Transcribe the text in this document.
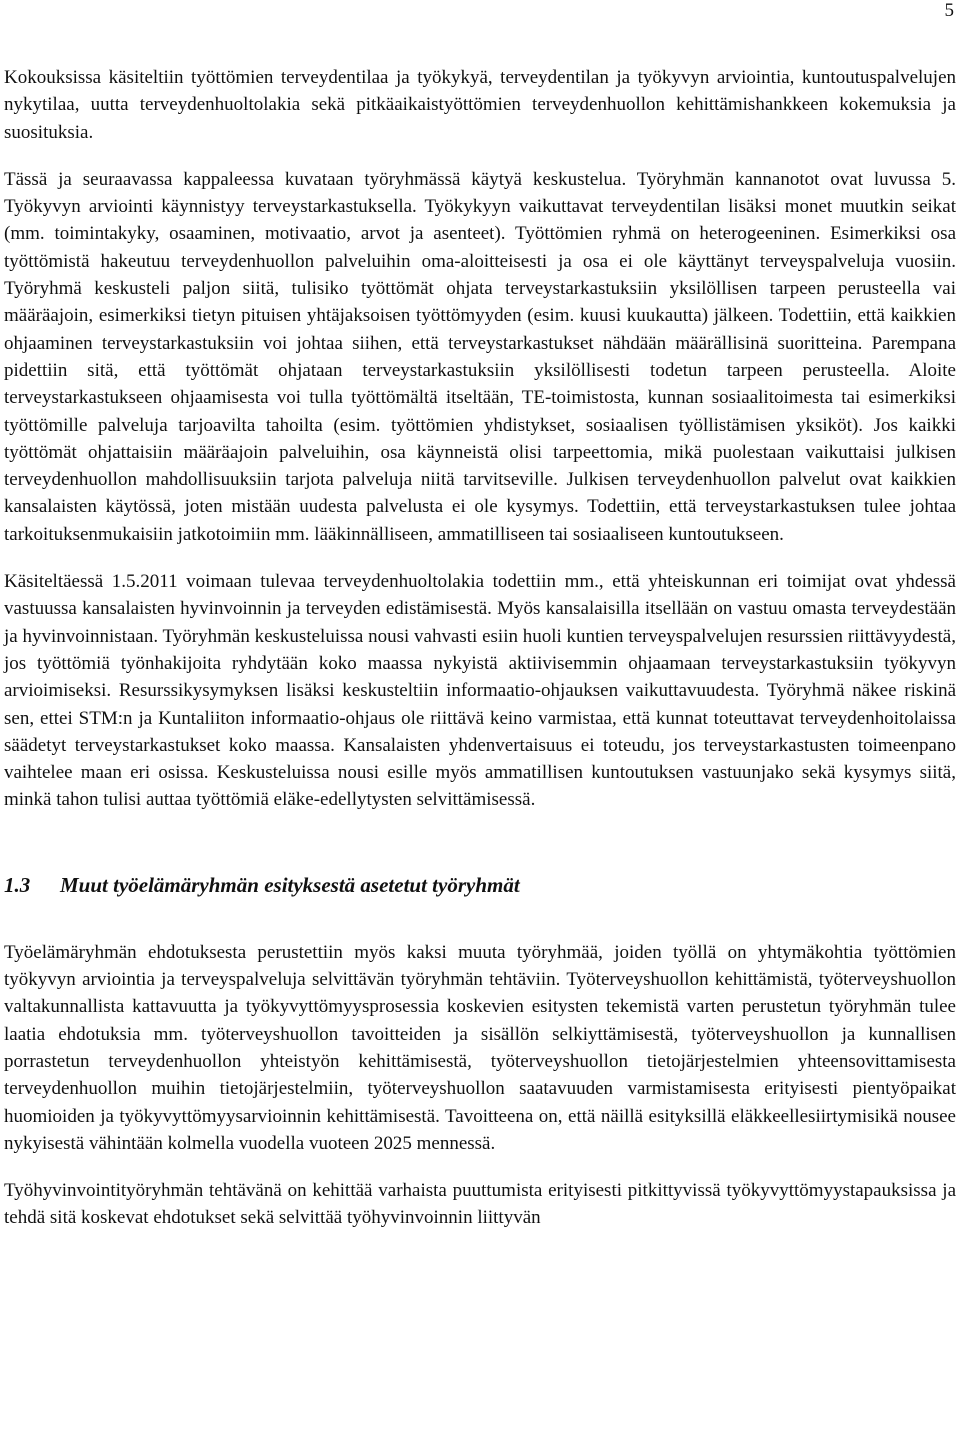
5

Kokouksissa käsiteltiin työttömien terveydentilaa ja työkykyä, terveydentilan ja työkyvyn arviointia, kuntoutuspalvelujen nykytilaa, uutta terveydenhuoltolakia sekä pitkäaikaistyöttömien terveydenhuollon kehittämishankkeen kokemuksia ja suosituksia.

Tässä ja seuraavassa kappaleessa kuvataan työryhmässä käytyä keskustelua. Työryhmän kannanotot ovat luvussa 5. Työkyvyn arviointi käynnistyy terveystarkastuksella. Työkykyyn vaikuttavat terveydentilan lisäksi monet muutkin seikat (mm. toimintakyky, osaaminen, motivaatio, arvot ja asenteet). Työttömien ryhmä on heterogeeninen. Esimerkiksi osa työttömistä hakeutuu terveydenhuollon palveluihin oma-aloitteisesti ja osa ei ole käyttänyt terveyspalveluja vuosiin. Työryhmä keskusteli paljon siitä, tulisiko työttömät ohjata terveystarkastuksiin yksilöllisen tarpeen perusteella vai määräajoin, esimerkiksi tietyn pituisen yhtäjaksoisen työttömyyden (esim. kuusi kuukautta) jälkeen. Todettiin, että kaikkien ohjaaminen terveystarkastuksiin voi johtaa siihen, että terveystarkastukset nähdään määrällisinä suoritteina. Parempana pidettiin sitä, että työttömät ohjataan terveystarkastuksiin yksilöllisesti todetun tarpeen perusteella. Aloite terveystarkastukseen ohjaamisesta voi tulla työttömältä itseltään, TE-toimistosta, kunnan sosiaalitoimesta tai esimerkiksi työttömille palveluja tarjoavilta tahoilta (esim. työttömien yhdistykset, sosiaalisen työllistämisen yksiköt). Jos kaikki työttömät ohjattaisiin määräajoin palveluihin, osa käynneistä olisi tarpeettomia, mikä puolestaan vaikuttaisi julkisen terveydenhuollon mahdollisuuksiin tarjota palveluja niitä tarvitseville. Julkisen terveydenhuollon palvelut ovat kaikkien kansalaisten käytössä, joten mistään uudesta palvelusta ei ole kysymys. Todettiin, että terveystarkastuksen tulee johtaa tarkoituksenmukaisiin jatkotoimiin mm. lääkinnälliseen, ammatilliseen tai sosiaaliseen kuntoutukseen.

Käsiteltäessä 1.5.2011 voimaan tulevaa terveydenhuoltolakia todettiin mm., että yhteiskunnan eri toimijat ovat yhdessä vastuussa kansalaisten hyvinvoinnin ja terveyden edistämisestä. Myös kansalaisilla itsellään on vastuu omasta terveydestään ja hyvinvoinnistaan. Työryhmän keskusteluissa nousi vahvasti esiin huoli kuntien terveyspalvelujen resurssien riittävyydestä, jos työttömiä työnhakijoita ryhdytään koko maassa nykyistä aktiivisemmin ohjaamaan terveystarkastuksiin työkyvyn arvioimiseksi. Resurssikysymyksen lisäksi keskusteltiin informaatio-ohjauksen vaikuttavuudesta. Työryhmä näkee riskinä sen, ettei STM:n ja Kuntaliiton informaatio-ohjaus ole riittävä keino varmistaa, että kunnat toteuttavat terveydenhoitolaissa säädetyt terveystarkastukset koko maassa. Kansalaisten yhdenvertaisuus ei toteudu, jos terveystarkastusten toimeenpano vaihtelee maan eri osissa. Keskusteluissa nousi esille myös ammatillisen kuntoutuksen vastuunjako sekä kysymys siitä, minkä tahon tulisi auttaa työttömiä eläke-edellytysten selvittämisessä.

1.3	Muut työelämäryhmän esityksestä asetetut työryhmät

Työelämäryhmän ehdotuksesta perustettiin myös kaksi muuta työryhmää, joiden työllä on yhtymäkohtia työttömien työkyvyn arviointia ja terveyspalveluja selvittävän työryhmän tehtäviin. Työterveyshuollon kehittämistä, työterveyshuollon valtakunnallista kattavuutta ja työkyvyttömyysprosessia koskevien esitysten tekemistä varten perustetun työryhmän tulee laatia ehdotuksia mm. työterveyshuollon tavoitteiden ja sisällön selkiyttämisestä, työterveyshuollon ja kunnallisen porrastetun terveydenhuollon yhteistyön kehittämisestä, työterveyshuollon tietojärjestelmien yhteensovittamisesta terveydenhuollon muihin tietojärjestelmiin, työterveyshuollon saatavuuden varmistamisesta erityisesti pientyöpaikat huomioiden ja työkyvyttömyysarvioinnin kehittämisestä. Tavoitteena on, että näillä esityksillä eläkkeellesiirtymisikä nousee nykyisestä vähintään kolmella vuodella vuoteen 2025 mennessä.

Työhyvinvointityöryhmän tehtävänä on kehittää varhaista puuttumista erityisesti pitkittyvissä työkyvyttömyystapauksissa ja tehdä sitä koskevat ehdotukset sekä selvittää työhyvinvoinnin liittyvän
